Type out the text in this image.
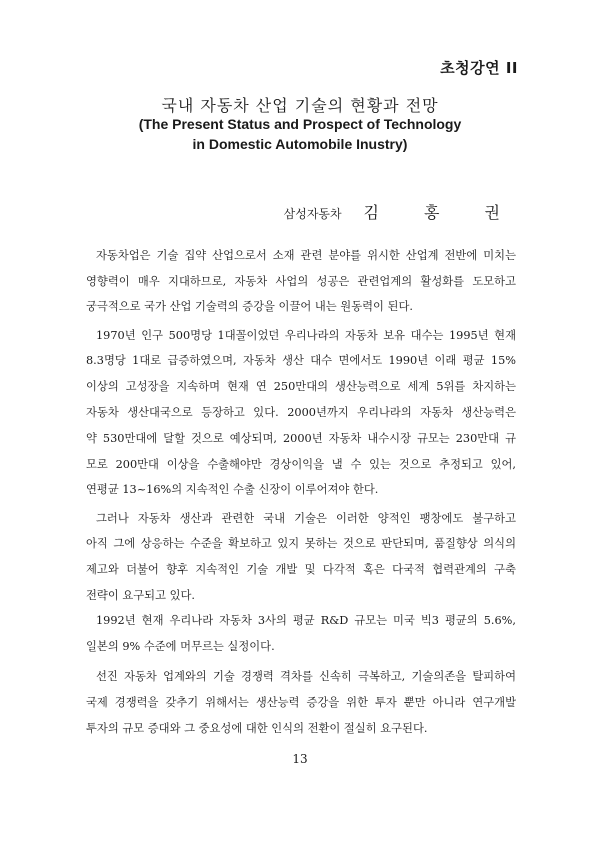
초청강연 II
국내 자동차 산업 기술의 현황과 전망
(The Present Status and Prospect of Technology
in Domestic Automobile Inustry)
삼성자동차 김 홍 권
자동차업은 기술 집약 산업으로서 소재 관련 분야를 위시한 산업계 전반에 미치는
영향력이 매우 지대하므로, 자동차 사업의 성공은 관련업계의 활성화를 도모하고
궁극적으로 국가 산업 기술력의 증강을 이끌어 내는 원동력이 된다.
1970년 인구 500명당 1대꼴이었던 우리나라의 자동차 보유 대수는 1995년 현재
8.3명당 1대로 급증하였으며, 자동차 생산 대수 면에서도 1990년 이래 평균 15%
이상의 고성장을 지속하며 현재 연 250만대의 생산능력으로 세계 5위를 차지하는
자동차 생산대국으로 등장하고 있다. 2000년까지 우리나라의 자동차 생산능력은
약 530만대에 달할 것으로 예상되며, 2000년 자동차 내수시장 규모는 230만대 규
모로 200만대 이상을 수출해야만 경상이익을 낼 수 있는 것으로 추정되고 있어,
연평균 13~16%의 지속적인 수출 신장이 이루어져야 한다.
그러나 자동차 생산과 관련한 국내 기술은 이러한 양적인 팽창에도 불구하고
아직 그에 상응하는 수준을 확보하고 있지 못하는 것으로 판단되며, 품질향상 의식의
제고와 더불어 향후 지속적인 기술 개발 및 다각적 혹은 다국적 협력관계의 구축
전략이 요구되고 있다.
1992년 현재 우리나라 자동차 3사의 평균 R&D 규모는 미국 빅3 평균의 5.6%,
일본의 9% 수준에 머무르는 실정이다.
선진 자동차 업계와의 기술 경쟁력 격차를 신속히 극복하고, 기술의존을 탈피하여
국제 경쟁력을 갖추기 위해서는 생산능력 증강을 위한 투자 뿐만 아니라 연구개발
투자의 규모 증대와 그 중요성에 대한 인식의 전환이 절실히 요구된다.
13
